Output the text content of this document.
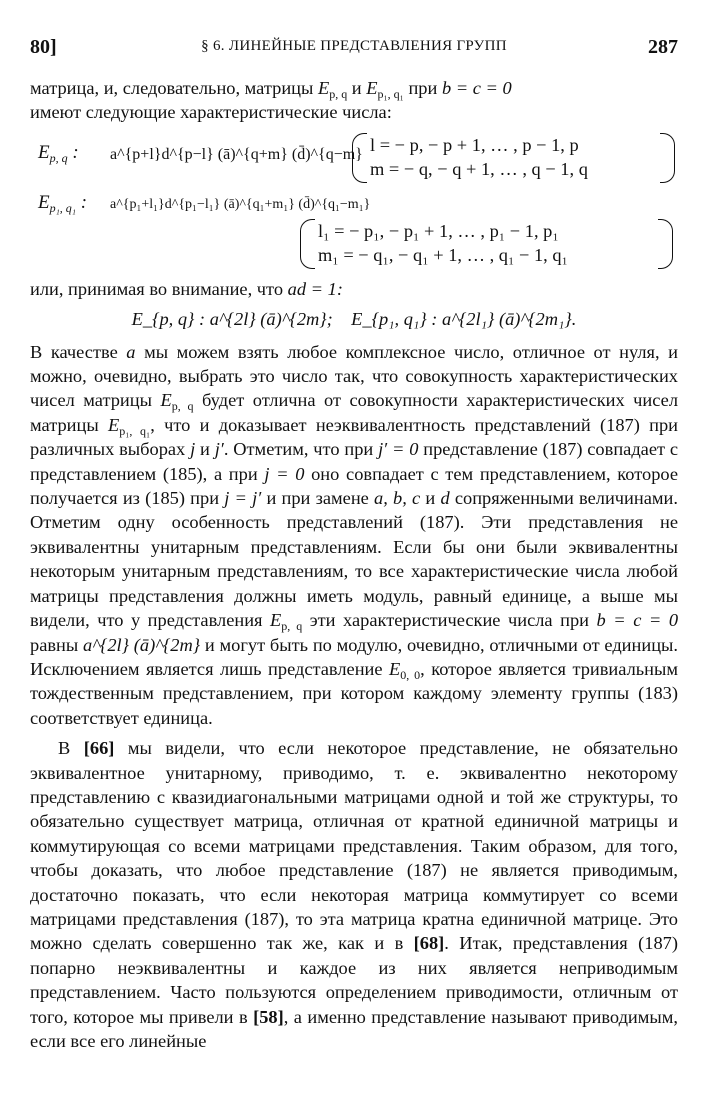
80]	§ 6. ЛИНЕЙНЫЕ ПРЕДСТАВЛЕНИЯ ГРУПП	287

матрица, и, следовательно, матрицы $E_{p, q}$ и $E_{p_1, q_1}$ при b = c = 0
имеют следующие характеристические числа:

$E_{p, q}$ : a^{p+l}d^{p−l} (ā)^{q+m} (d̄)^{q−m} l = − p, − p + 1, … , p − 1, p
m = − q, − q + 1, … , q − 1, q
$E_{p_1, q_1}$ : a^{p₁+l₁}d^{p₁−l₁} (ā)^{q₁+m₁} (d̄)^{q₁−m₁}
l₁ = − p₁, − p₁ + 1, … , p₁ − 1, p₁
m₁ = − q₁, − q₁ + 1, … , q₁ − 1, q₁

или, принимая во внимание, что ad = 1:

E_{p, q} : a^{2l} (ā)^{2m}; E_{p₁, q₁} : a^{2l₁} (ā)^{2m₁}.

В качестве a мы можем взять любое комплексное число, отличное от нуля, и можно, очевидно, выбрать это число так, что совокупность характеристических чисел матрицы $E_{p, q}$ будет отлична от совокупности характеристических чисел матрицы $E_{p_1, q_1}$, что и доказывает неэквивалентность представлений (187) при различных выборах j и j′. Отметим, что при j′ = 0 представление (187) совпадает с представлением (185), а при j = 0 оно совпадает с тем представлением, которое получается из (185) при j = j′ и при замене a, b, c и d сопряженными величинами. Отметим одну особенность представлений (187). Эти представления не эквивалентны унитарным представлениям. Если бы они были эквивалентны некоторым унитарным представлениям, то все характеристические числа любой матрицы представления должны иметь модуль, равный единице, а выше мы видели, что у представления $E_{p, q}$ эти характеристические числа при b = c = 0 равны a^{2l} (ā)^{2m} и могут быть по модулю, очевидно, отличными от единицы. Исключением является лишь представление $E_{0, 0}$, которое является тривиальным тождественным представлением, при котором каждому элементу группы (183) соответствует единица.

В [66] мы видели, что если некоторое представление, не обязательно эквивалентное унитарному, приводимо, т. е. эквивалентно некоторому представлению с квазидиагональными матрицами одной и той же структуры, то обязательно существует матрица, отличная от кратной единичной матрицы и коммутирующая со всеми матрицами представления. Таким образом, для того, чтобы доказать, что любое представление (187) не является приводимым, достаточно показать, что если некоторая матрица коммутирует со всеми матрицами представления (187), то эта матрица кратна единичной матрице. Это можно сделать совершенно так же, как и в [68]. Итак, представления (187) попарно неэквивалентны и каждое из них является неприводимым представлением. Часто пользуются определением приводимости, отличным от того, которое мы привели в [58], а именно представление называют приводимым, если все его линейные
